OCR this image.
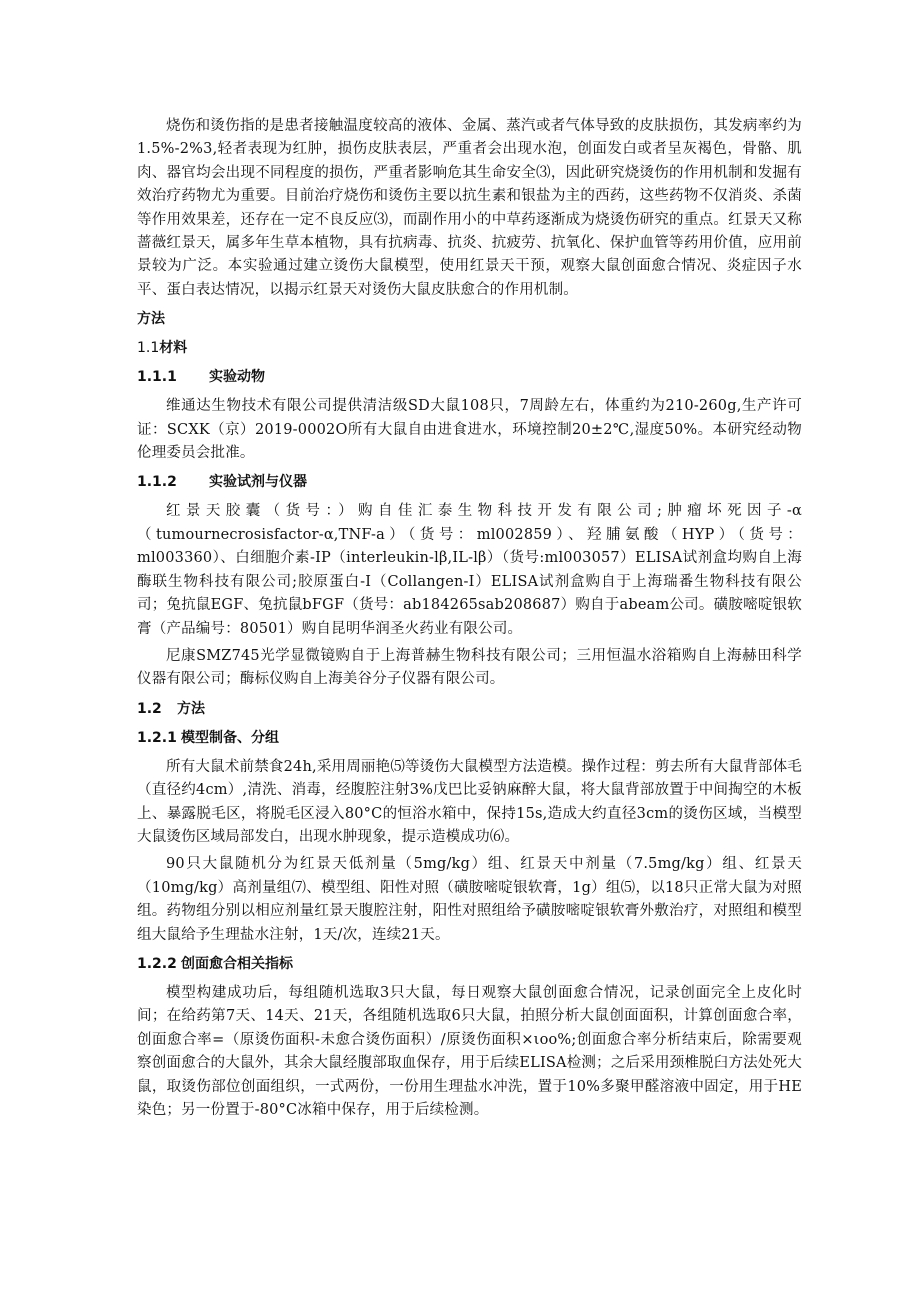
烧伤和烫伤指的是患者接触温度较高的液体、金属、蒸汽或者气体导致的皮肤损伤，其发病率约为1.5%-2%3,轻者表现为红肿，损伤皮肤表层，严重者会出现水泡，创面发白或者呈灰褐色，骨骼、肌肉、器官均会出现不同程度的损伤，严重者影响危其生命安全⑶，因此研究烧烫伤的作用机制和发掘有效治疗药物尤为重要。目前治疗烧伤和烫伤主要以抗生素和银盐为主的西药，这些药物不仅消炎、杀菌等作用效果差，还存在一定不良反应⑶，而副作用小的中草药逐渐成为烧烫伤研究的重点。红景天又称蔷薇红景天，属多年生草本植物，具有抗病毒、抗炎、抗疲劳、抗氧化、保护血管等药用价值，应用前景较为广泛。本实验通过建立烫伤大鼠模型，使用红景天干预，观察大鼠创面愈合情况、炎症因子水平、蛋白表达情况，以揭示红景天对烫伤大鼠皮肤愈合的作用机制。

方法
1.1材料
1.1.1 实验动物

维通达生物技术有限公司提供清洁级SD大鼠108只，7周龄左右，体重约为210-260g,生产许可证：SCXK（京）2019-0002O所有大鼠自由进食进水，环境控制20±2℃,湿度50%。本研究经动物伦理委员会批准。

1.1.2 实验试剂与仪器

红景天胶囊（货号：）购自佳汇泰生物科技开发有限公司;肿瘤坏死因子-α（tumournecrosisfactor-α,TNF-a）（货号：ml002859）、羟脯氨酸（HYP）（货号：ml003360）、白细胞介素-IP（interleukin-lβ,IL-lβ）（货号:ml003057）ELISA试剂盒均购自上海酶联生物科技有限公司;胶原蛋白-I（Collangen-I）ELISA试剂盒购自于上海瑞番生物科技有限公司；兔抗鼠EGF、兔抗鼠bFGF（货号：ab184265sab208687）购自于abeam公司。磺胺嘧啶银软膏（产品编号：80501）购自昆明华润圣火药业有限公司。

尼康SMZ745光学显微镜购自于上海普赫生物科技有限公司；三用恒温水浴箱购自上海赫田科学仪器有限公司；酶标仪购自上海美谷分子仪器有限公司。

1.2 方法
1.2.1 模型制备、分组

所有大鼠术前禁食24h,采用周丽艳⑸等烫伤大鼠模型方法造模。操作过程：剪去所有大鼠背部体毛（直径约4cm）,清洗、消毒，经腹腔注射3%戊巴比妥钠麻醉大鼠，将大鼠背部放置于中间掏空的木板上、暴露脱毛区，将脱毛区浸入80°C的恒浴水箱中，保持15s,造成大约直径3cm的烫伤区域，当模型大鼠烫伤区域局部发白，出现水肿现象，提示造模成功⑹。

90只大鼠随机分为红景天低剂量（5mg/kg）组、红景天中剂量（7.5mg/kg）组、红景天（10mg/kg）高剂量组⑺、模型组、阳性对照（磺胺嘧啶银软膏，1g）组⑸，以18只正常大鼠为对照组。药物组分别以相应剂量红景天腹腔注射，阳性对照组给予磺胺嘧啶银软膏外敷治疗，对照组和模型组大鼠给予生理盐水注射，1天/次，连续21天。

1.2.2 创面愈合相关指标

模型构建成功后，每组随机选取3只大鼠，每日观察大鼠创面愈合情况，记录创面完全上皮化时间；在给药第7天、14天、21天，各组随机选取6只大鼠，拍照分析大鼠创面面积，计算创面愈合率，创面愈合率=（原烫伤面积-未愈合烫伤面积）/原烫伤面积×ιoo%;创面愈合率分析结束后，除需要观察创面愈合的大鼠外，其余大鼠经腹部取血保存，用于后续ELISA检测；之后采用颈椎脱臼方法处死大鼠，取烫伤部位创面组织，一式两份，一份用生理盐水冲洗，置于10%多聚甲醛溶液中固定，用于HE染色；另一份置于-80°C冰箱中保存，用于后续检测。
